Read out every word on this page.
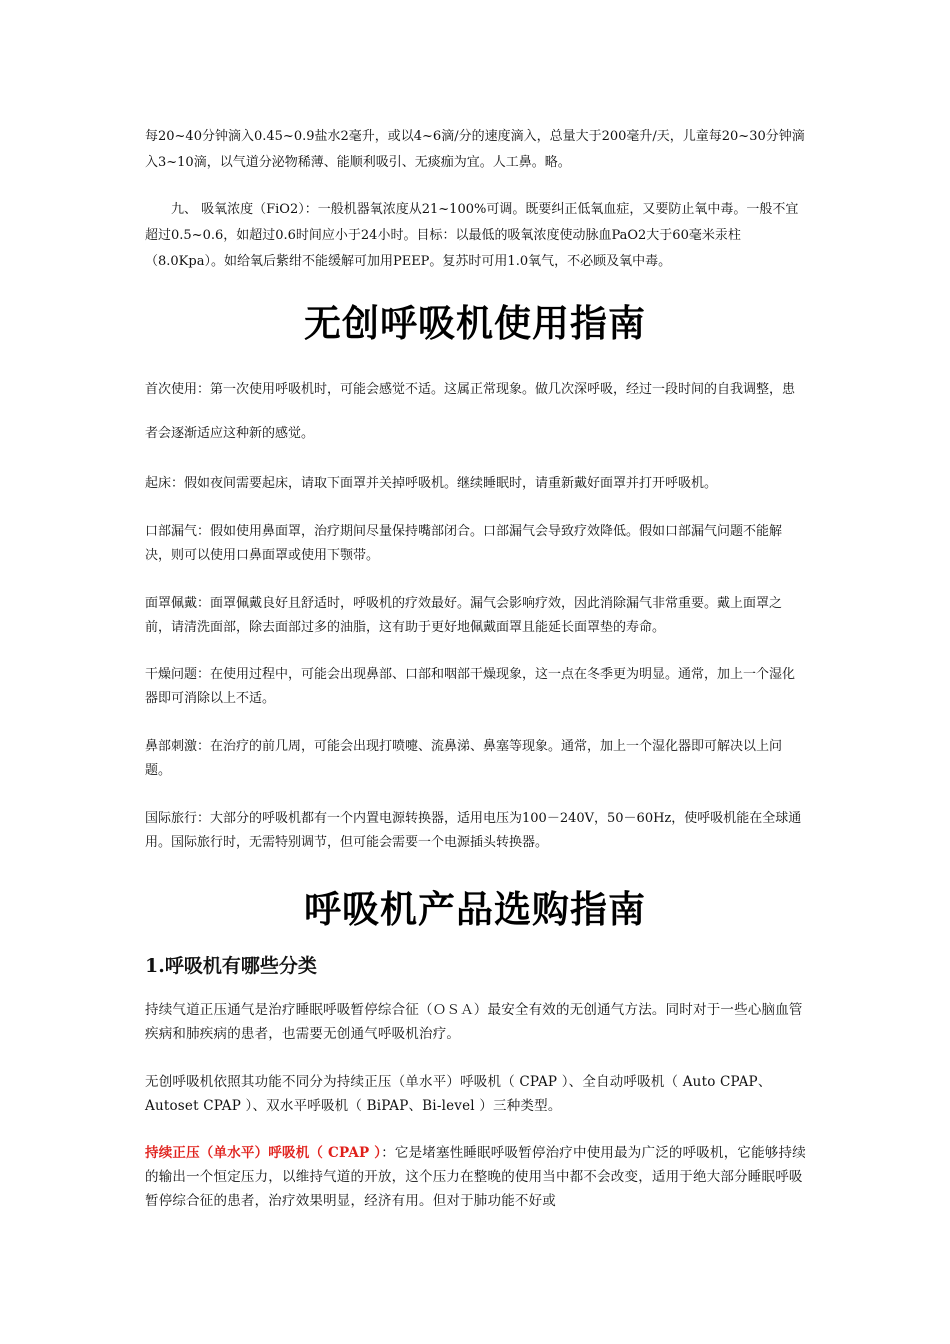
每20~40分钟滴入0.45~0.9盐水2毫升，或以4~6滴/分的速度滴入，总量大于200毫升/天，儿童每20~30分钟滴入3~10滴，以气道分泌物稀薄、能顺利吸引、无痰痂为宜。人工鼻。略。

九、 吸氧浓度（FiO2）：一般机器氧浓度从21~100%可调。既要纠正低氧血症，又要防止氧中毒。一般不宜超过0.5~0.6，如超过0.6时间应小于24小时。目标：以最低的吸氧浓度使动脉血PaO2大于60毫米汞柱（8.0Kpa）。如给氧后紫绀不能缓解可加用PEEP。复苏时可用1.0氧气，不必顾及氧中毒。

无创呼吸机使用指南

首次使用：第一次使用呼吸机时，可能会感觉不适。这属正常现象。做几次深呼吸，经过一段时间的自我调整，患者会逐渐适应这种新的感觉。

起床：假如夜间需要起床，请取下面罩并关掉呼吸机。继续睡眠时，请重新戴好面罩并打开呼吸机。

口部漏气：假如使用鼻面罩，治疗期间尽量保持嘴部闭合。口部漏气会导致疗效降低。假如口部漏气问题不能解决，则可以使用口鼻面罩或使用下颚带。

面罩佩戴：面罩佩戴良好且舒适时，呼吸机的疗效最好。漏气会影响疗效，因此消除漏气非常重要。戴上面罩之前，请清洗面部，除去面部过多的油脂，这有助于更好地佩戴面罩且能延长面罩垫的寿命。

干燥问题：在使用过程中，可能会出现鼻部、口部和咽部干燥现象，这一点在冬季更为明显。通常，加上一个湿化器即可消除以上不适。

鼻部刺激：在治疗的前几周，可能会出现打喷嚏、流鼻涕、鼻塞等现象。通常，加上一个湿化器即可解决以上问题。

国际旅行：大部分的呼吸机都有一个内置电源转换器，适用电压为100－240V，50－60Hz，使呼吸机能在全球通用。国际旅行时，无需特别调节，但可能会需要一个电源插头转换器。

呼吸机产品选购指南
1.呼吸机有哪些分类

持续气道正压通气是治疗睡眠呼吸暂停综合征（ＯＳＡ）最安全有效的无创通气方法。同时对于一些心脑血管疾病和肺疾病的患者，也需要无创通气呼吸机治疗。

无创呼吸机依照其功能不同分为持续正压（单水平）呼吸机（ CPAP ）、全自动呼吸机（ Auto CPAP、Autoset CPAP ）、双水平呼吸机（ BiPAP、Bi-level ）三种类型。

持续正压（单水平）呼吸机（ CPAP ）：它是堵塞性睡眠呼吸暂停治疗中使用最为广泛的呼吸机，它能够持续的输出一个恒定压力，以维持气道的开放，这个压力在整晚的使用当中都不会改变，适用于绝大部分睡眠呼吸暂停综合征的患者，治疗效果明显，经济有用。但对于肺功能不好或
